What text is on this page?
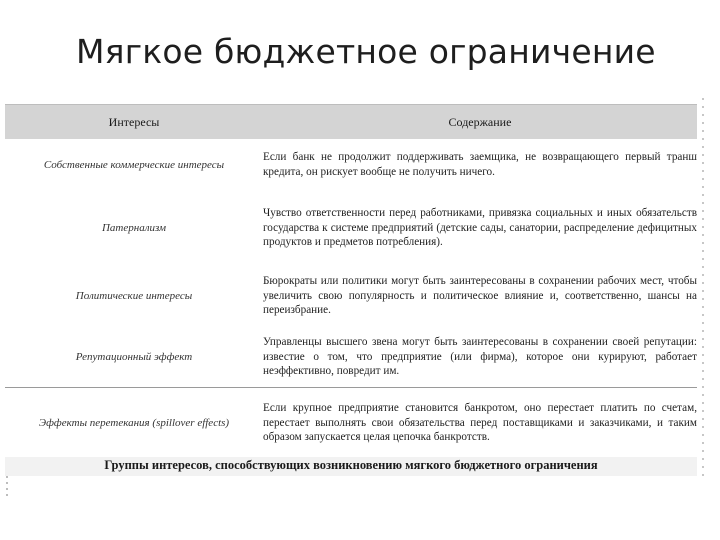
Мягкое бюджетное ограничение
Интересы	Содержание
Собственные коммерческие интересы	Если банк не продолжит поддерживать заемщика, не возвращающего первый транш кредита, он рискует вообще не получить ничего.
Патернализм	Чувство ответственности перед работниками, привязка социальных и иных обязательств государства к системе предприятий (детские сады, санатории, распределение дефицитных продуктов и предметов потребления).
Политические интересы	Бюрократы или политики могут быть заинтересованы в сохранении рабочих мест, чтобы увеличить свою популярность и политическое влияние и, соответственно, шансы на переизбрание.
Репутационный эффект	Управленцы высшего звена могут быть заинтересованы в сохранении своей репутации: известие о том, что предприятие (или фирма), которое они курируют, работает неэффективно, повредит им.
Эффекты перетекания (spillover effects)	Если крупное предприятие становится банкротом, оно перестает платить по счетам, перестает выполнять свои обязательства перед поставщиками и заказчиками, и таким образом запускается целая цепочка банкротств.
Группы интересов, способствующих возникновению мягкого бюджетного ограничения
